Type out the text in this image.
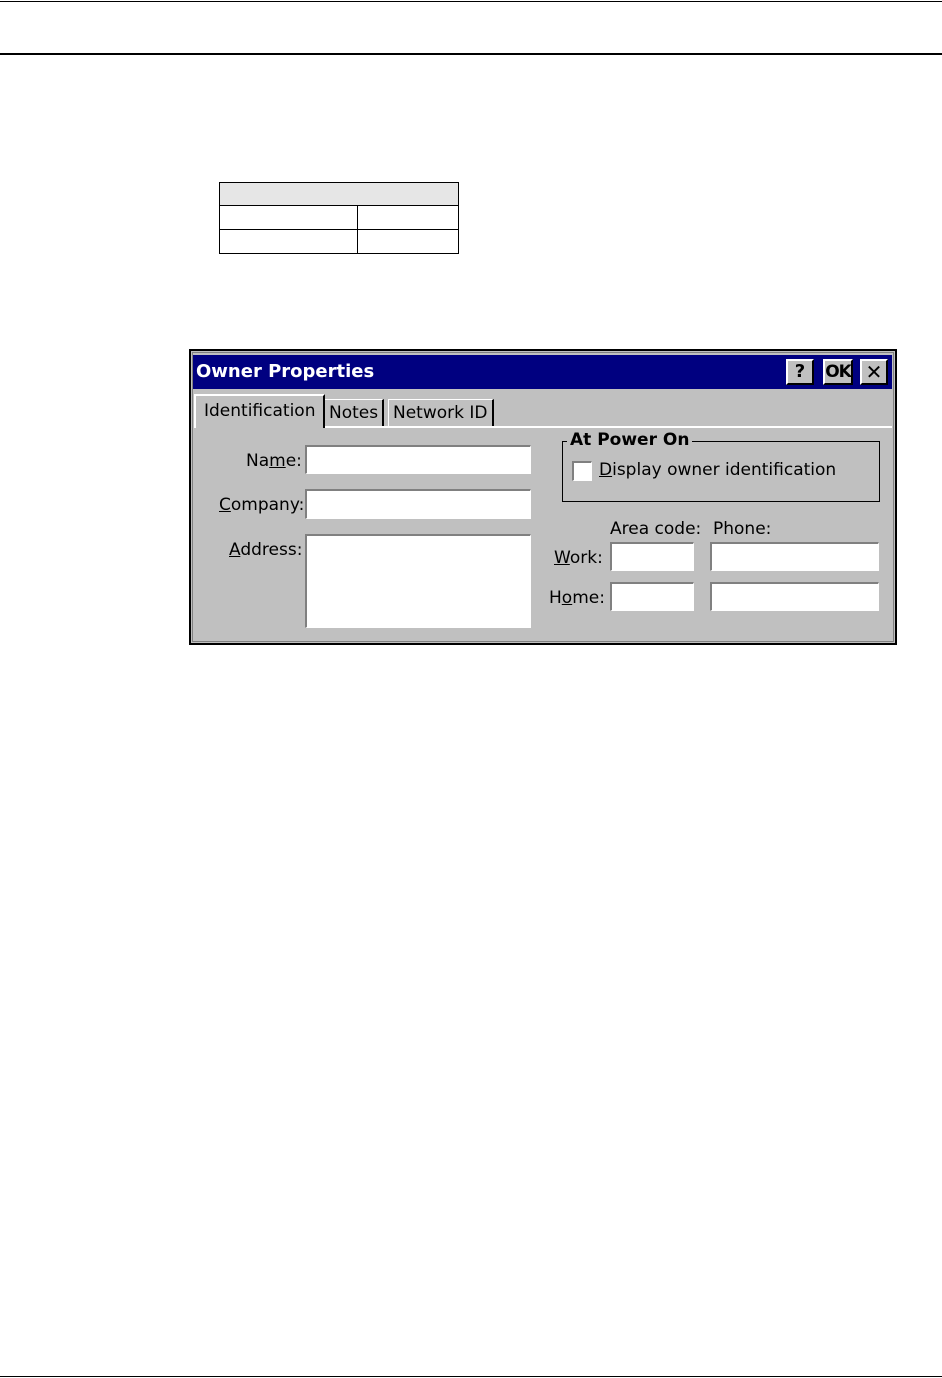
Owner Properties	?	OK ✕
Identification Notes Network ID
Name:
Company:
Address:
At Power On
Display owner identification
Area code: Phone:
Work:
Home:
